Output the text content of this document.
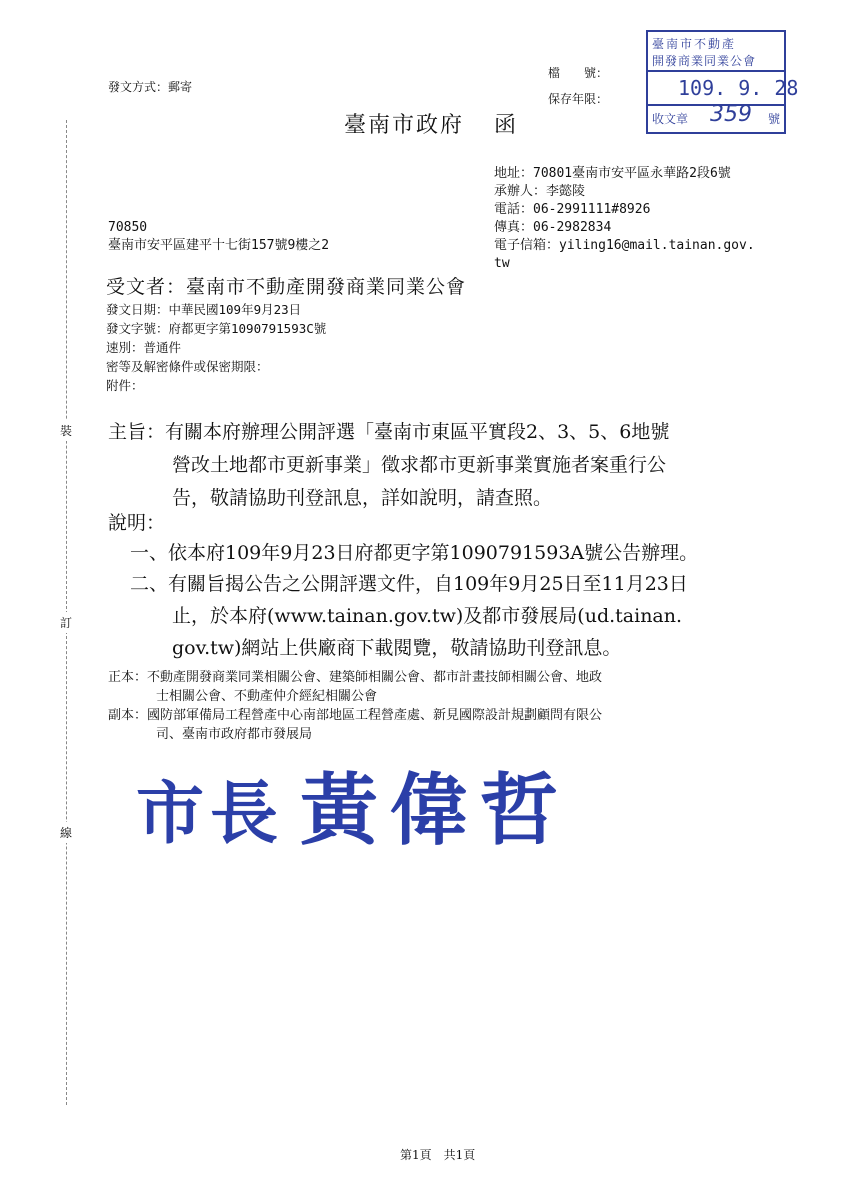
發文方式：郵寄
檔　　號：
保存年限：
臺南市不動產
開發商業同業公會
109. 9. 28
收文章 359 號
臺南市政府 函
地址：70801臺南市安平區永華路2段6號
承辦人：李懿陵
電話：06-2991111#8926
傳真：06-2982834
電子信箱：yiling16@mail.tainan.gov.
tw
70850
臺南市安平區建平十七街157號9樓之2
受文者：臺南市不動產開發商業同業公會
發文日期：中華民國109年9月23日
發文字號：府都更字第1090791593C號
速別：普通件
密等及解密條件或保密期限：
附件：
裝
訂
線
主旨：有關本府辦理公開評選「臺南市東區平實段2、3、5、6地號
營改土地都市更新事業」徵求都市更新事業實施者案重行公
告，敬請協助刊登訊息，詳如說明，請查照。
說明：
一、依本府109年9月23日府都更字第1090791593A號公告辦理。
二、有關旨揭公告之公開評選文件，自109年9月25日至11月23日
止，於本府(www.tainan.gov.tw)及都市發展局(ud.tainan.
gov.tw)網站上供廠商下載閱覽，敬請協助刊登訊息。
正本：不動產開發商業同業相關公會、建築師相關公會、都市計畫技師相關公會、地政
士相關公會、不動產仲介經紀相關公會
副本：國防部軍備局工程營產中心南部地區工程營產處、新見國際設計規劃顧問有限公
司、臺南市政府都市發展局
市長 黃偉哲
第1頁　共1頁
